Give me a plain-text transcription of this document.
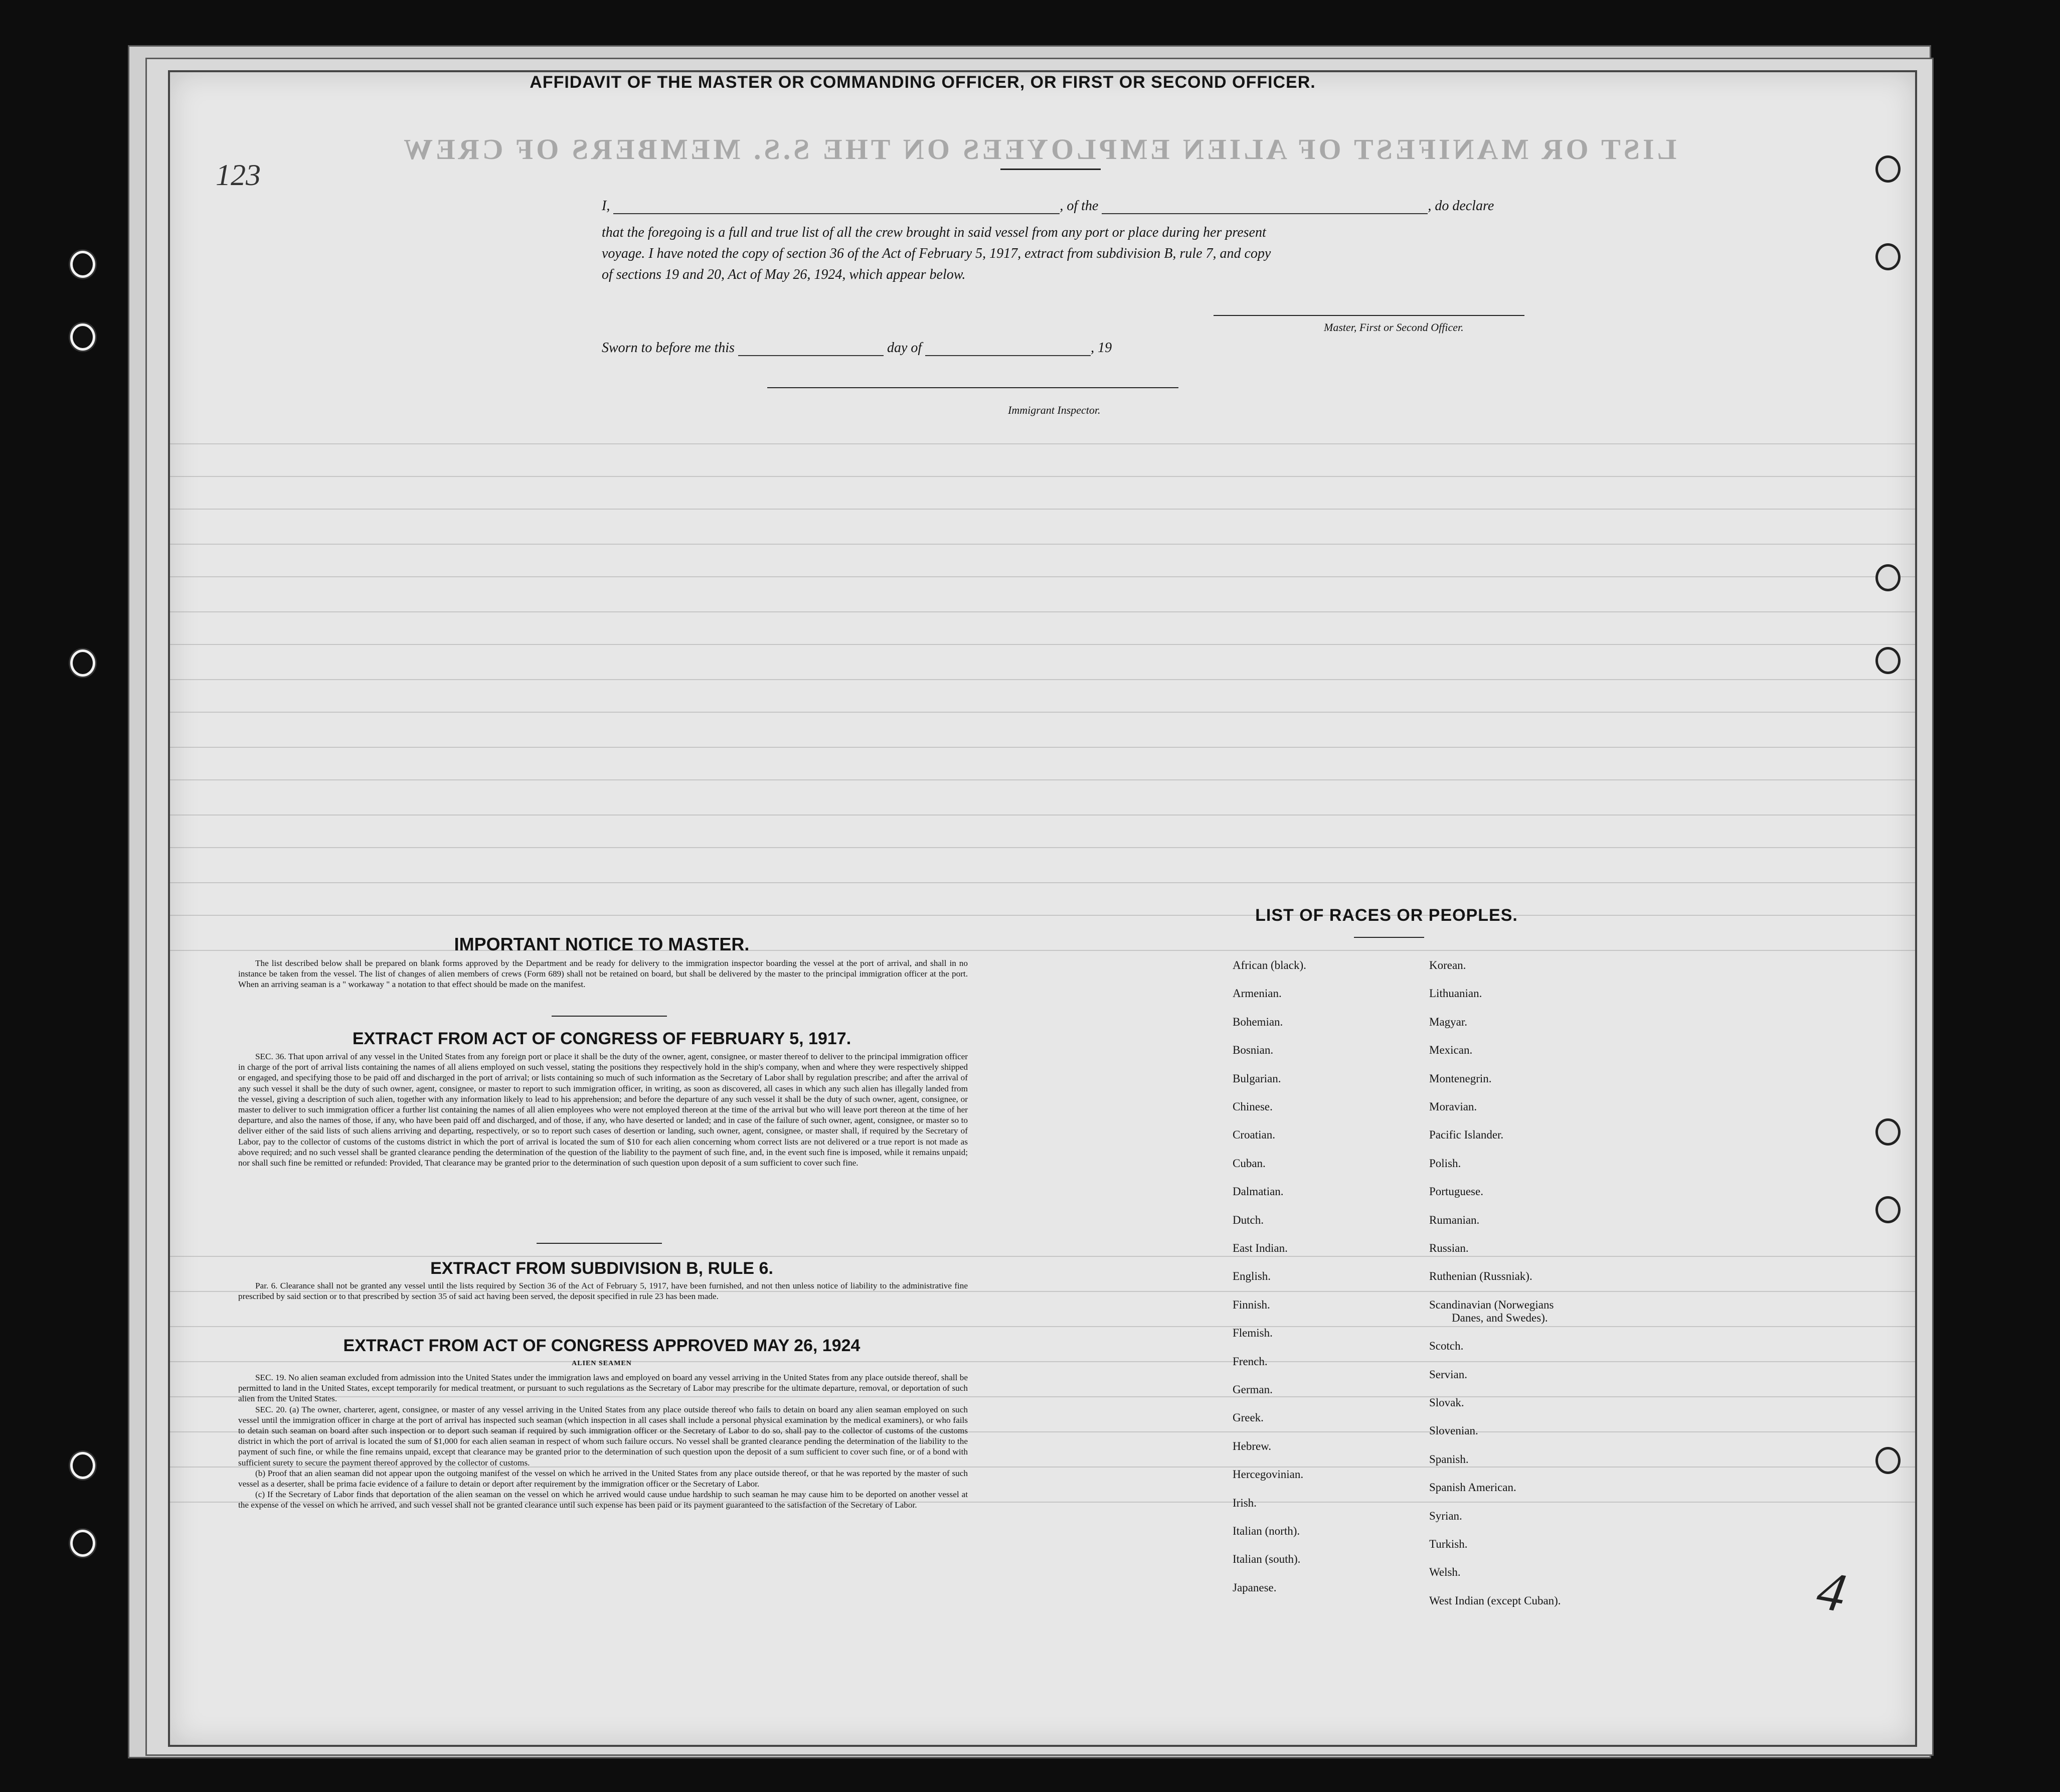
LIST OR MANIFEST OF ALIEN EMPLOYEES ON THE S.S. MEMBERS OF CREW
123
AFFIDAVIT OF THE MASTER OR COMMANDING OFFICER, OR FIRST OR SECOND OFFICER.
I,	, of the	, do declare
that the foregoing is a full and true list of all the crew brought in said vessel from any port or place during her present
voyage. I have noted the copy of section 36 of the Act of February 5, 1917, extract from subdivision B, rule 7, and copy
of sections 19 and 20, Act of May 26, 1924, which appear below.
Master, First or Second Officer.
Sworn to before me this	day of	, 19
Immigrant Inspector.
IMPORTANT NOTICE TO MASTER.

The list described below shall be prepared on blank forms approved by the Department and be ready for delivery to the immigration inspector boarding the vessel at the port of arrival, and shall in no instance be taken from the vessel. The list of changes of alien members of crews (Form 689) shall not be retained on board, but shall be delivered by the master to the principal immigration officer at the port. When an arriving seaman is a " workaway " a notation to that effect should be made on the manifest.

EXTRACT FROM ACT OF CONGRESS OF FEBRUARY 5, 1917.

SEC. 36. That upon arrival of any vessel in the United States from any foreign port or place it shall be the duty of the owner, agent, consignee, or master thereof to deliver to the principal immigration officer in charge of the port of arrival lists containing the names of all aliens employed on such vessel, stating the positions they respectively hold in the ship's company, when and where they were respectively shipped or engaged, and specifying those to be paid off and discharged in the port of arrival; or lists containing so much of such information as the Secretary of Labor shall by regulation prescribe; and after the arrival of any such vessel it shall be the duty of such owner, agent, consignee, or master to report to such immigration officer, in writing, as soon as discovered, all cases in which any such alien has illegally landed from the vessel, giving a description of such alien, together with any information likely to lead to his apprehension; and before the departure of any such vessel it shall be the duty of such owner, agent, consignee, or master to deliver to such immigration officer a further list containing the names of all alien employees who were not employed thereon at the time of the arrival but who will leave port thereon at the time of her departure, and also the names of those, if any, who have been paid off and discharged, and of those, if any, who have deserted or landed; and in case of the failure of such owner, agent, consignee, or master so to deliver either of the said lists of such aliens arriving and departing, respectively, or so to report such cases of desertion or landing, such owner, agent, consignee, or master shall, if required by the Secretary of Labor, pay to the collector of customs of the customs district in which the port of arrival is located the sum of $10 for each alien concerning whom correct lists are not delivered or a true report is not made as above required; and no such vessel shall be granted clearance pending the determination of the question of the liability to the payment of such fine, and, in the event such fine is imposed, while it remains unpaid; nor shall such fine be remitted or refunded: Provided, That clearance may be granted prior to the determination of such question upon deposit of a sum sufficient to cover such fine.

EXTRACT FROM SUBDIVISION B, RULE 6.

Par. 6. Clearance shall not be granted any vessel until the lists required by Section 36 of the Act of February 5, 1917, have been furnished, and not then unless notice of liability to the administrative fine prescribed by said section or to that prescribed by section 35 of said act having been served, the deposit specified in rule 23 has been made.

EXTRACT FROM ACT OF CONGRESS APPROVED MAY 26, 1924
ALIEN SEAMEN

SEC. 19. No alien seaman excluded from admission into the United States under the immigration laws and employed on board any vessel arriving in the United States from any place outside thereof, shall be permitted to land in the United States, except temporarily for medical treatment, or pursuant to such regulations as the Secretary of Labor may prescribe for the ultimate departure, removal, or deportation of such alien from the United States.

SEC. 20. (a) The owner, charterer, agent, consignee, or master of any vessel arriving in the United States from any place outside thereof who fails to detain on board any alien seaman employed on such vessel until the immigration officer in charge at the port of arrival has inspected such seaman (which inspection in all cases shall include a personal physical examination by the medical examiners), or who fails to detain such seaman on board after such inspection or to deport such seaman if required by such immigration officer or the Secretary of Labor to do so, shall pay to the collector of customs of the customs district in which the port of arrival is located the sum of $1,000 for each alien seaman in respect of whom such failure occurs. No vessel shall be granted clearance pending the determination of the liability to the payment of such fine, or while the fine remains unpaid, except that clearance may be granted prior to the determination of such question upon the deposit of a sum sufficient to cover such fine, or of a bond with sufficient surety to secure the payment thereof approved by the collector of customs.

(b) Proof that an alien seaman did not appear upon the outgoing manifest of the vessel on which he arrived in the United States from any place outside thereof, or that he was reported by the master of such vessel as a deserter, shall be prima facie evidence of a failure to detain or deport after requirement by the immigration officer or the Secretary of Labor.

(c) If the Secretary of Labor finds that deportation of the alien seaman on the vessel on which he arrived would cause undue hardship to such seaman he may cause him to be deported on another vessel at the expense of the vessel on which he arrived, and such vessel shall not be granted clearance until such expense has been paid or its payment guaranteed to the satisfaction of the Secretary of Labor.

LIST OF RACES OR PEOPLES.
African (black).
Armenian.
Bohemian.
Bosnian.
Bulgarian.
Chinese.
Croatian.
Cuban.
Dalmatian.
Dutch.
East Indian.
English.
Finnish.
Flemish.
French.
German.
Greek.
Hebrew.
Hercegovinian.
Irish.
Italian (north).
Italian (south).
Japanese.
Korean.
Lithuanian.
Magyar.
Mexican.
Montenegrin.
Moravian.
Pacific Islander.
Polish.
Portuguese.
Rumanian.
Russian.
Ruthenian (Russniak).
Scandinavian (Norwegians
Danes, and Swedes).
Scotch.
Servian.
Slovak.
Slovenian.
Spanish.
Spanish American.
Syrian.
Turkish.
Welsh.
West Indian (except Cuban).	4
